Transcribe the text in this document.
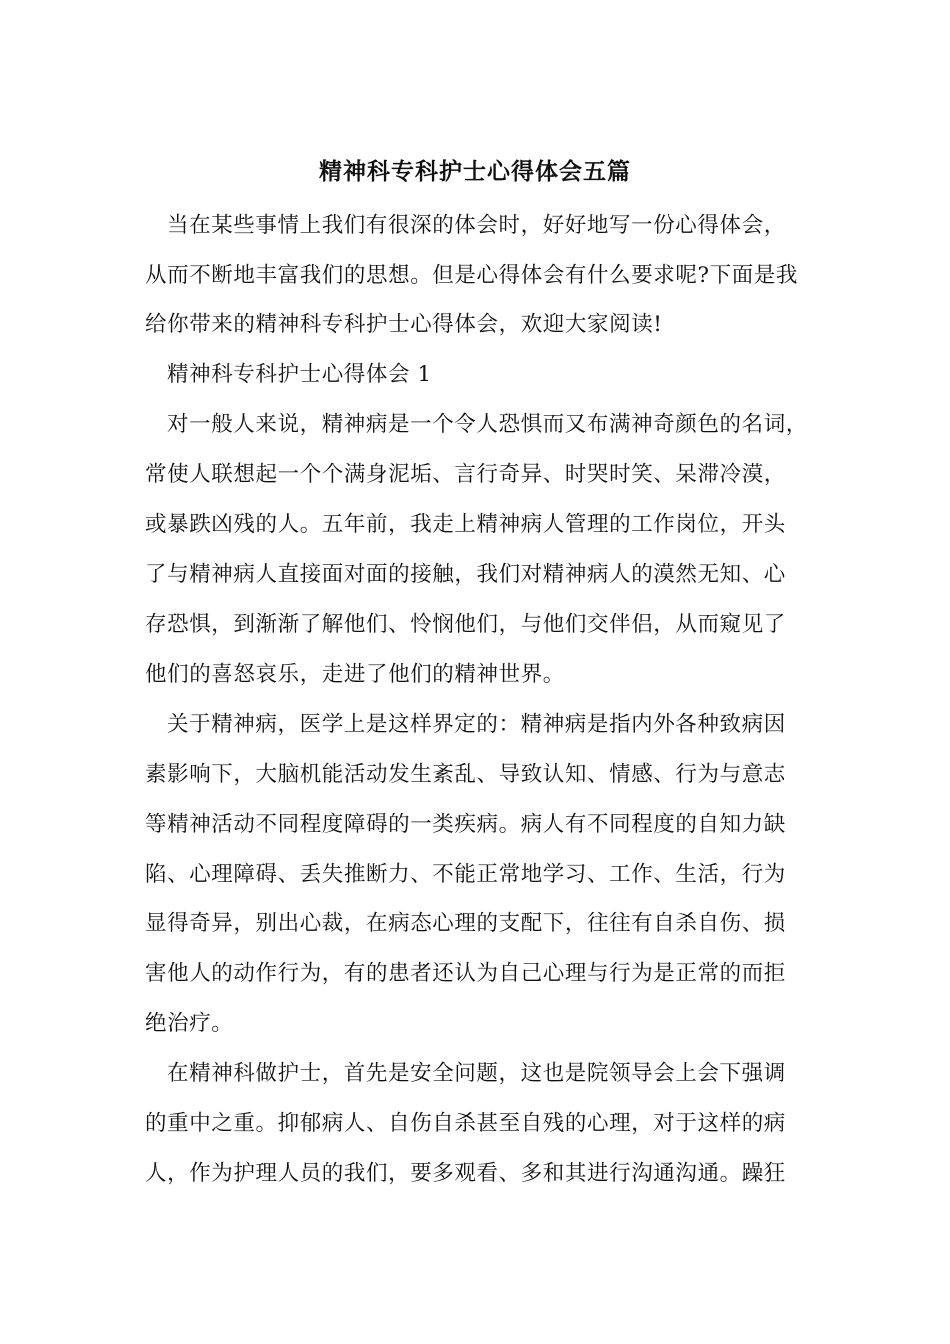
精神科专科护士心得体会五篇
当在某些事情上我们有很深的体会时，好好地写一份心得体会，
从而不断地丰富我们的思想。但是心得体会有什么要求呢?下面是我
给你带来的精神科专科护士心得体会，欢迎大家阅读!
精神科专科护士心得体会 1
对一般人来说，精神病是一个令人恐惧而又布满神奇颜色的名词，
常使人联想起一个个满身泥垢、言行奇异、时哭时笑、呆滞冷漠，
或暴跌凶残的人。五年前，我走上精神病人管理的工作岗位，开头
了与精神病人直接面对面的接触，我们对精神病人的漠然无知、心
存恐惧，到渐渐了解他们、怜悯他们，与他们交伴侣，从而窥见了
他们的喜怒哀乐，走进了他们的精神世界。
关于精神病，医学上是这样界定的：精神病是指内外各种致病因
素影响下，大脑机能活动发生紊乱、导致认知、情感、行为与意志
等精神活动不同程度障碍的一类疾病。病人有不同程度的自知力缺
陷、心理障碍、丢失推断力、不能正常地学习、工作、生活，行为
显得奇异，别出心裁，在病态心理的支配下，往往有自杀自伤、损
害他人的动作行为，有的患者还认为自己心理与行为是正常的而拒
绝治疗。
在精神科做护士，首先是安全问题，这也是院领导会上会下强调
的重中之重。抑郁病人、自伤自杀甚至自残的心理，对于这样的病
人，作为护理人员的我们，要多观看、多和其进行沟通沟通。躁狂
